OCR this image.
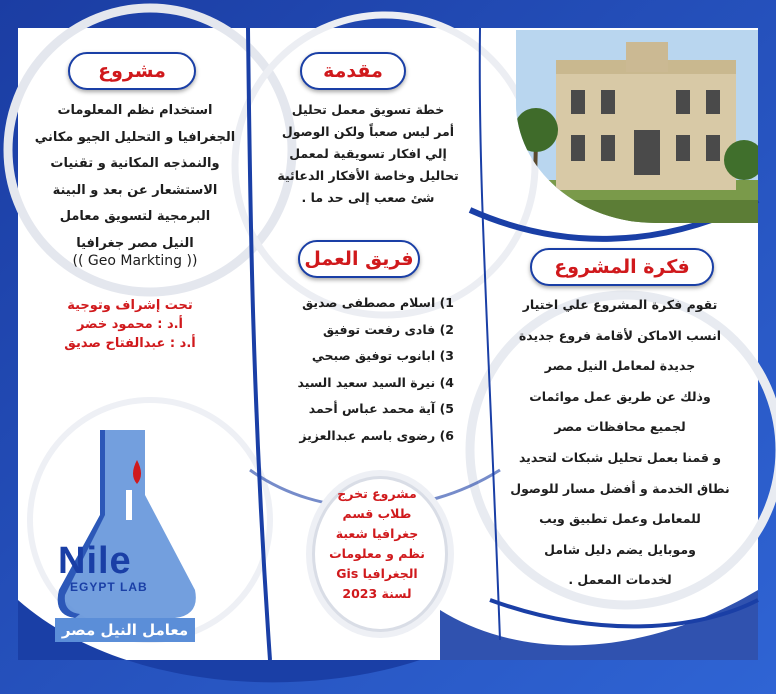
مشروع
استخدام نظم المعلومات
الجغرافيا و التحليل الجيو مكاني
والنمذجه المكانية و تقنيات
الاستشعار عن بعد و البينة
البرمجية لتسويق معامل
النيل مصر جغرافيا
(( Geo Markting ))
تحت إشراف وتوجية
أ.د : محمود خضر
أ.د : عبدالفتاح صديق
Nile
EGYPT LAB
معامل النيل مصر
مقدمة
خطة تسويق معمل تحليل
أمر ليس صعباً ولكن الوصول
إلي افكار تسويقية لمعمل
تحاليل وخاصة الأفكار الدعائية
شئ صعب إلى حد ما .
فريق العمل
1) اسلام مصطفى صديق
2) فادى رفعت توفيق
3) ابانوب توفيق صبحي
4) نيرة السيد سعيد السيد
5) آية محمد عباس أحمد
6) رضوى باسم عبدالعزيز
مشروع تخرج
طلاب قسم
جغرافيا شعبة
نظم و معلومات
الجغرافيا Gis
لسنة 2023
فكرة المشروع
تقوم فكرة المشروع علي اختيار
انسب الاماكن لأقامة فروع جديدة
جديدة لمعامل النيل مصر
وذلك عن طريق عمل موائمات
لجميع محافظات مصر
و قمنا بعمل تحليل شبكات لتحديد
نطاق الخدمة و أفضل مسار للوصول
للمعامل وعمل تطبيق ويب
وموبايل يضم دليل شامل
لخدمات المعمل .
